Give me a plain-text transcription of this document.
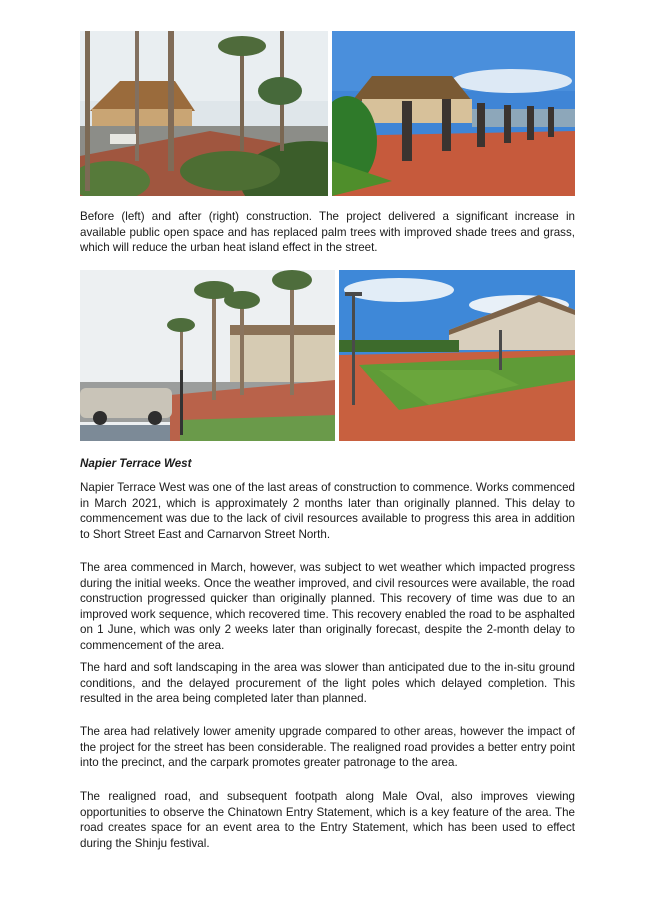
Before (left) and after (right) construction. The project delivered a significant increase in available public open space and has replaced palm trees with improved shade trees and grass, which will reduce the urban heat island effect in the street.

Napier Terrace West

Napier Terrace West was one of the last areas of construction to commence. Works commenced in March 2021, which is approximately 2 months later than originally planned. This delay to commencement was due to the lack of civil resources available to progress this area in addition to Short Street East and Carnarvon Street North.

The area commenced in March, however, was subject to wet weather which impacted progress during the initial weeks. Once the weather improved, and civil resources were available, the road construction progressed quicker than originally planned. This recovery of time was due to an improved work sequence, which recovered time. This recovery enabled the road to be asphalted on 1 June, which was only 2 weeks later than originally forecast, despite the 2-month delay to commencement of the area.

The hard and soft landscaping in the area was slower than anticipated due to the in-situ ground conditions, and the delayed procurement of the light poles which delayed completion. This resulted in the area being completed later than planned.

The area had relatively lower amenity upgrade compared to other areas, however the impact of the project for the street has been considerable. The realigned road provides a better entry point into the precinct, and the carpark promotes greater patronage to the area.

The realigned road, and subsequent footpath along Male Oval, also improves viewing opportunities to observe the Chinatown Entry Statement, which is a key feature of the area. The road creates space for an event area to the Entry Statement, which has been used to effect during the Shinju festival.
